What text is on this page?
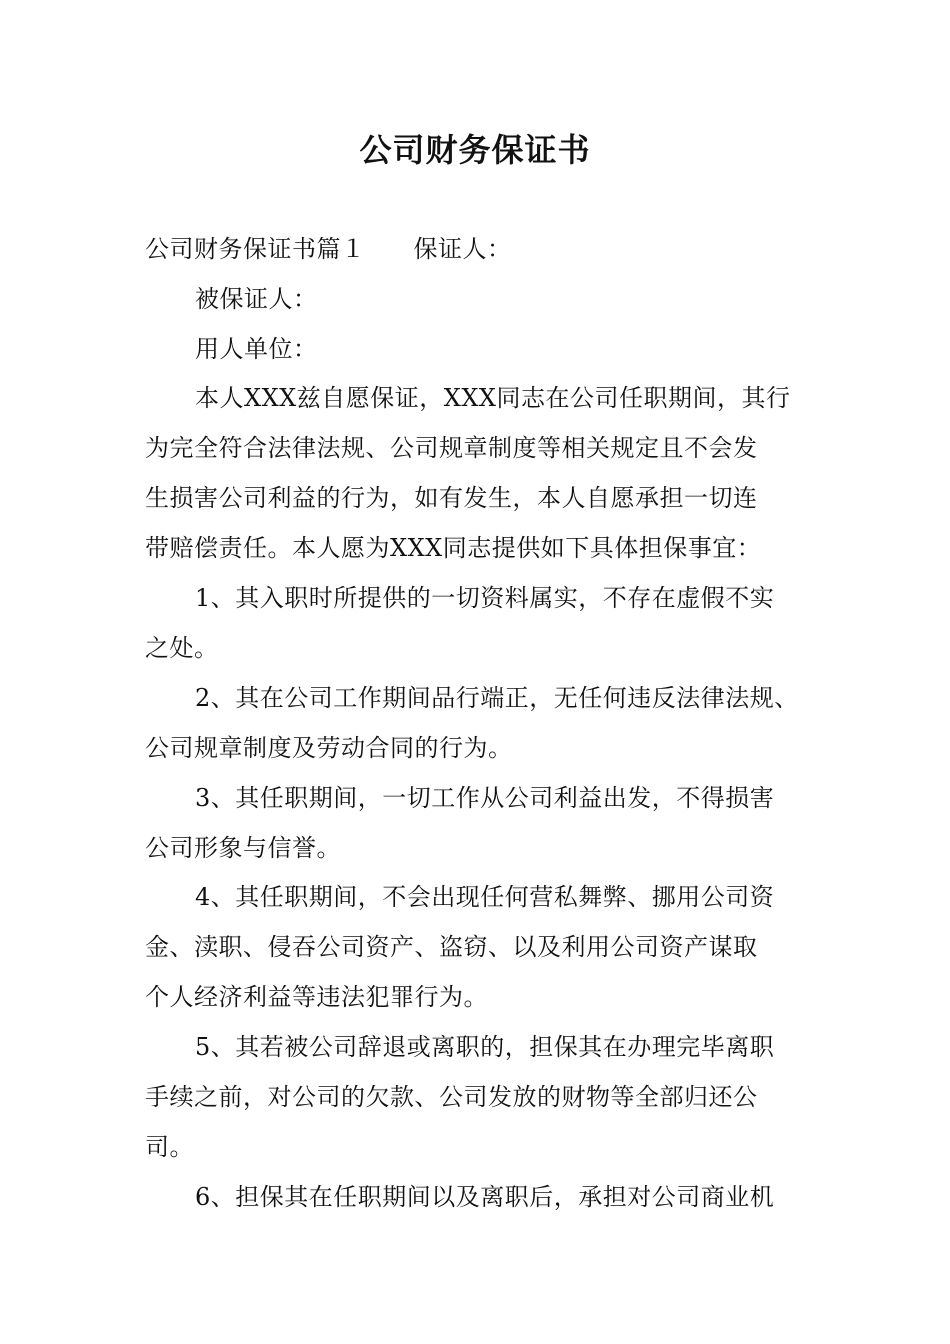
公司财务保证书
公司财务保证书篇１ 保证人：
被保证人：
用人单位：
本人XXX兹自愿保证，XXX同志在公司任职期间，其行
为完全符合法律法规、公司规章制度等相关规定且不会发
生损害公司利益的行为，如有发生，本人自愿承担一切连
带赔偿责任。本人愿为XXX同志提供如下具体担保事宜：
1、其入职时所提供的一切资料属实，不存在虚假不实
之处。
2、其在公司工作期间品行端正，无任何违反法律法规、
公司规章制度及劳动合同的行为。
3、其任职期间，一切工作从公司利益出发，不得损害
公司形象与信誉。
4、其任职期间，不会出现任何营私舞弊、挪用公司资
金、渎职、侵吞公司资产、盗窃、以及利用公司资产谋取
个人经济利益等违法犯罪行为。
5、其若被公司辞退或离职的，担保其在办理完毕离职
手续之前，对公司的欠款、公司发放的财物等全部归还公
司。
6、担保其在任职期间以及离职后，承担对公司商业机
